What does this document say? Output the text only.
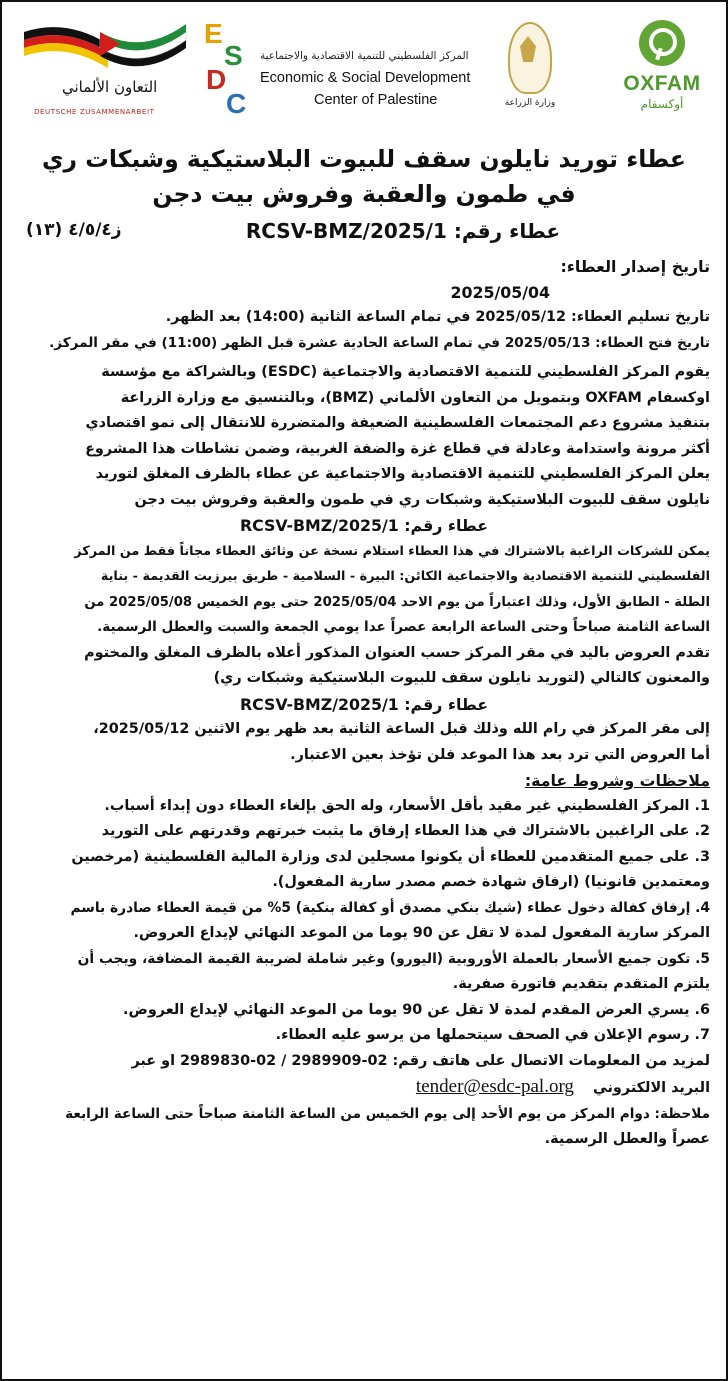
التعاون الألماني
DEUTSCHE ZUSAMMENARBEIT
E
S
D
C
المركز الفلسطيني للتنمية الاقتصادية والاجتماعية
Economic & Social Development
Center of Palestine	وزارة الزراعة
OXFAM
أوكسفام
عطاء توريد نايلون سقف للبيوت البلاستيكية وشبكات ري
في طمون والعقبة وفروش بيت دجن
عطاء رقم: 1/RCSV-BMZ/2025
ز٤/٥/٤ (١٣)
تاريخ إصدار العطاء:
2025/05/04
تاريخ تسليم العطاء: 2025/05/12 في تمام الساعة الثانية (14:00) بعد الظهر.
تاريخ فتح العطاء: 2025/05/13 في تمام الساعة الحادية عشرة قبل الظهر (11:00) في مقر المركز.
يقوم المركز الفلسطيني للتنمية الاقتصادية والاجتماعية (ESDC) وبالشراكة مع مؤسسة
اوكسفام OXFAM وبتمويل من التعاون الألماني (BMZ)، وبالتنسيق مع وزارة الزراعة
بتنفيذ مشروع دعم المجتمعات الفلسطينية الضعيفة والمتضررة للانتقال إلى نمو اقتصادي
أكثر مرونة واستدامة وعادلة في قطاع غزة والضفة الغربية، وضمن نشاطات هذا المشروع
يعلن المركز الفلسطيني للتنمية الاقتصادية والاجتماعية عن عطاء بالظرف المغلق لتوريد
نايلون سقف للبيوت البلاستيكية وشبكات ري في طمون والعقبة وفروش بيت دجن
عطاء رقم: 1/RCSV-BMZ/2025
يمكن للشركات الراغبة بالاشتراك في هذا العطاء استلام نسخة عن وثائق العطاء مجاناً فقط من المركز
الفلسطيني للتنمية الاقتصادية والاجتماعية الكائن: البيرة - السلامية - طريق بيرزيت القديمة - بناية
الطلة - الطابق الأول، وذلك اعتباراً من يوم الاحد 2025/05/04 حتى يوم الخميس 2025/05/08 من
الساعة الثامنة صباحاً وحتى الساعة الرابعة عصراً عدا يومي الجمعة والسبت والعطل الرسمية.
تقدم العروض باليد في مقر المركز حسب العنوان المذكور أعلاه بالظرف المغلق والمختوم
والمعنون كالتالي (لتوريد نايلون سقف للبيوت البلاستيكية وشبكات ري)
عطاء رقم: 1/RCSV-BMZ/2025
إلى مقر المركز في رام الله وذلك قبل الساعة الثانية بعد ظهر يوم الاثنين 2025/05/12،
أما العروض التي ترد بعد هذا الموعد فلن تؤخذ بعين الاعتبار.
ملاحظات وشروط عامة:
1. المركز الفلسطيني غير مقيد بأقل الأسعار، وله الحق بإلغاء العطاء دون إبداء أسباب.
2. على الراغبين بالاشتراك في هذا العطاء إرفاق ما يثبت خبرتهم وقدرتهم على التوريد
3. على جميع المتقدمين للعطاء أن يكونوا مسجلين لدى وزارة المالية الفلسطينية (مرخصين
ومعتمدين قانونيا) (ارفاق شهادة خصم مصدر سارية المفعول).
4. إرفاق كفالة دخول عطاء (شيك بنكي مصدق أو كفالة بنكية) 5% من قيمة العطاء صادرة باسم
المركز سارية المفعول لمدة لا تقل عن 90 يوما من الموعد النهائي لإيداع العروض.
5. تكون جميع الأسعار بالعملة الأوروبية (اليورو) وغير شاملة لضريبة القيمة المضافة، ويجب أن
يلتزم المتقدم بتقديم فاتورة صفرية.
6. يسري العرض المقدم لمدة لا تقل عن 90 يوما من الموعد النهائي لإيداع العروض.
7. رسوم الإعلان في الصحف سيتحملها من يرسو عليه العطاء.
لمزيد من المعلومات الاتصال على هاتف رقم: 02-2989909 / 02-2989830 او عبر
البريد الالكتروني tender@esdc-pal.org
ملاحظة: دوام المركز من يوم الأحد إلى يوم الخميس من الساعة الثامنة صباحاً حتى الساعة الرابعة
عصراً والعطل الرسمية.
